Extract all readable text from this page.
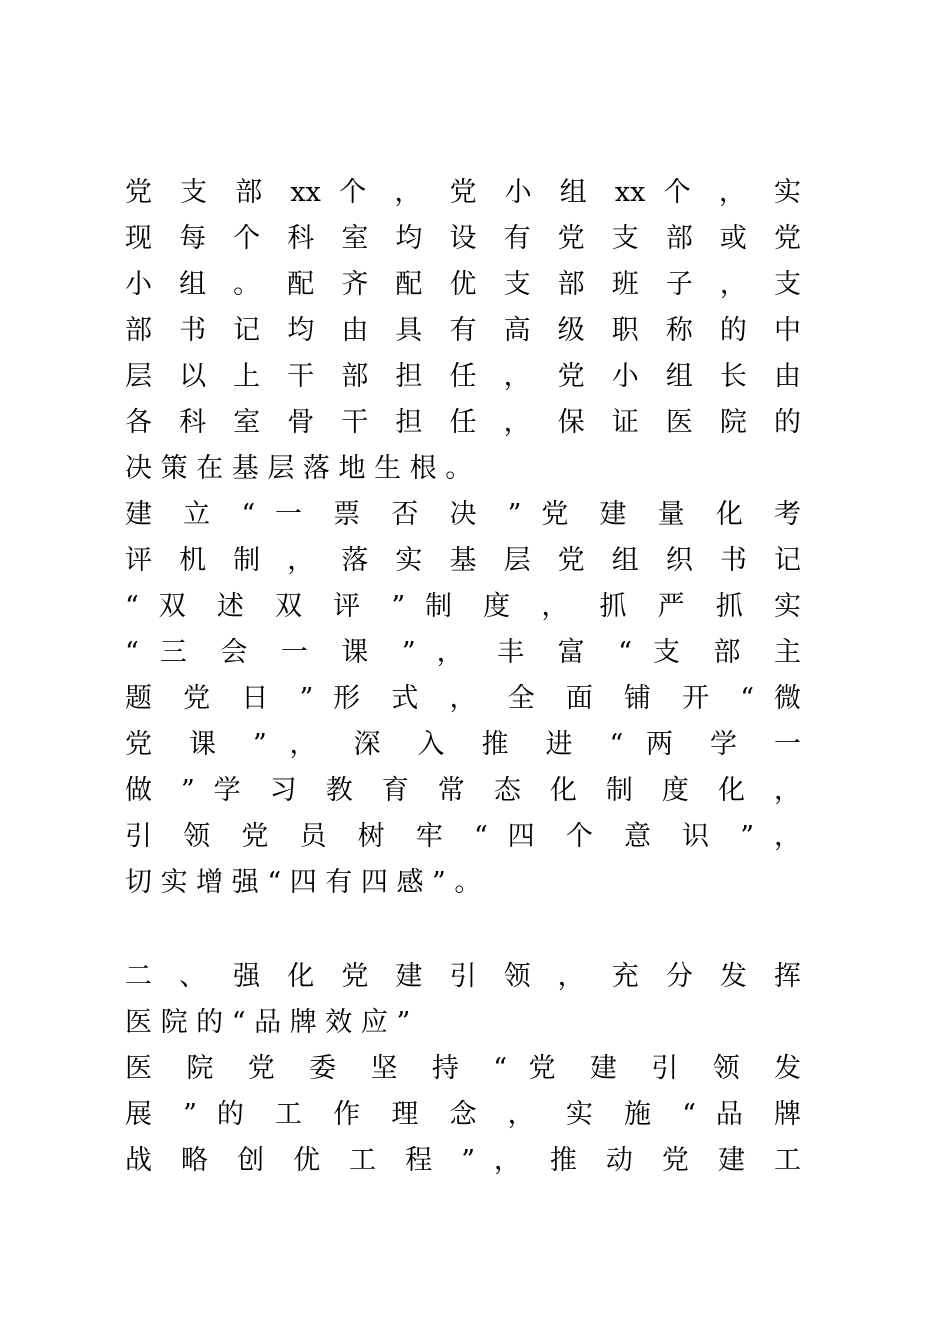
党 支 部 xx 个 ， 党 小 组 xx 个 ， 实
现 每 个 科 室 均 设 有 党 支 部 或 党
小 组 。 配 齐 配 优 支 部 班 子 ， 支
部 书 记 均 由 具 有 高 级 职 称 的 中
层 以 上 干 部 担 任 ， 党 小 组 长 由
各 科 室 骨 干 担 任 ， 保 证 医 院 的
决 策 在 基 层 落 地 生 根 。
建 立 “ 一 票 否 决 ” 党 建 量 化 考
评 机 制 ， 落 实 基 层 党 组 织 书 记
“ 双 述 双 评 ” 制 度 ， 抓 严 抓 实
“ 三 会 一 课 ” ， 丰 富 “ 支 部 主
题 党 日 ” 形 式 ， 全 面 铺 开 “ 微
党 课 ” ， 深 入 推 进 “ 两 学 一
做 ” 学 习 教 育 常 态 化 制 度 化 ，
引 领 党 员 树 牢 “ 四 个 意 识 ” ，
切 实 增 强 “ 四 有 四 感 ” 。
二 、 强 化 党 建 引 领 ， 充 分 发 挥
医 院 的 “ 品 牌 效 应 ”
医 院 党 委 坚 持 “ 党 建 引 领 发
展 ” 的 工 作 理 念 ， 实 施 “ 品 牌
战 略 创 优 工 程 ” ， 推 动 党 建 工
